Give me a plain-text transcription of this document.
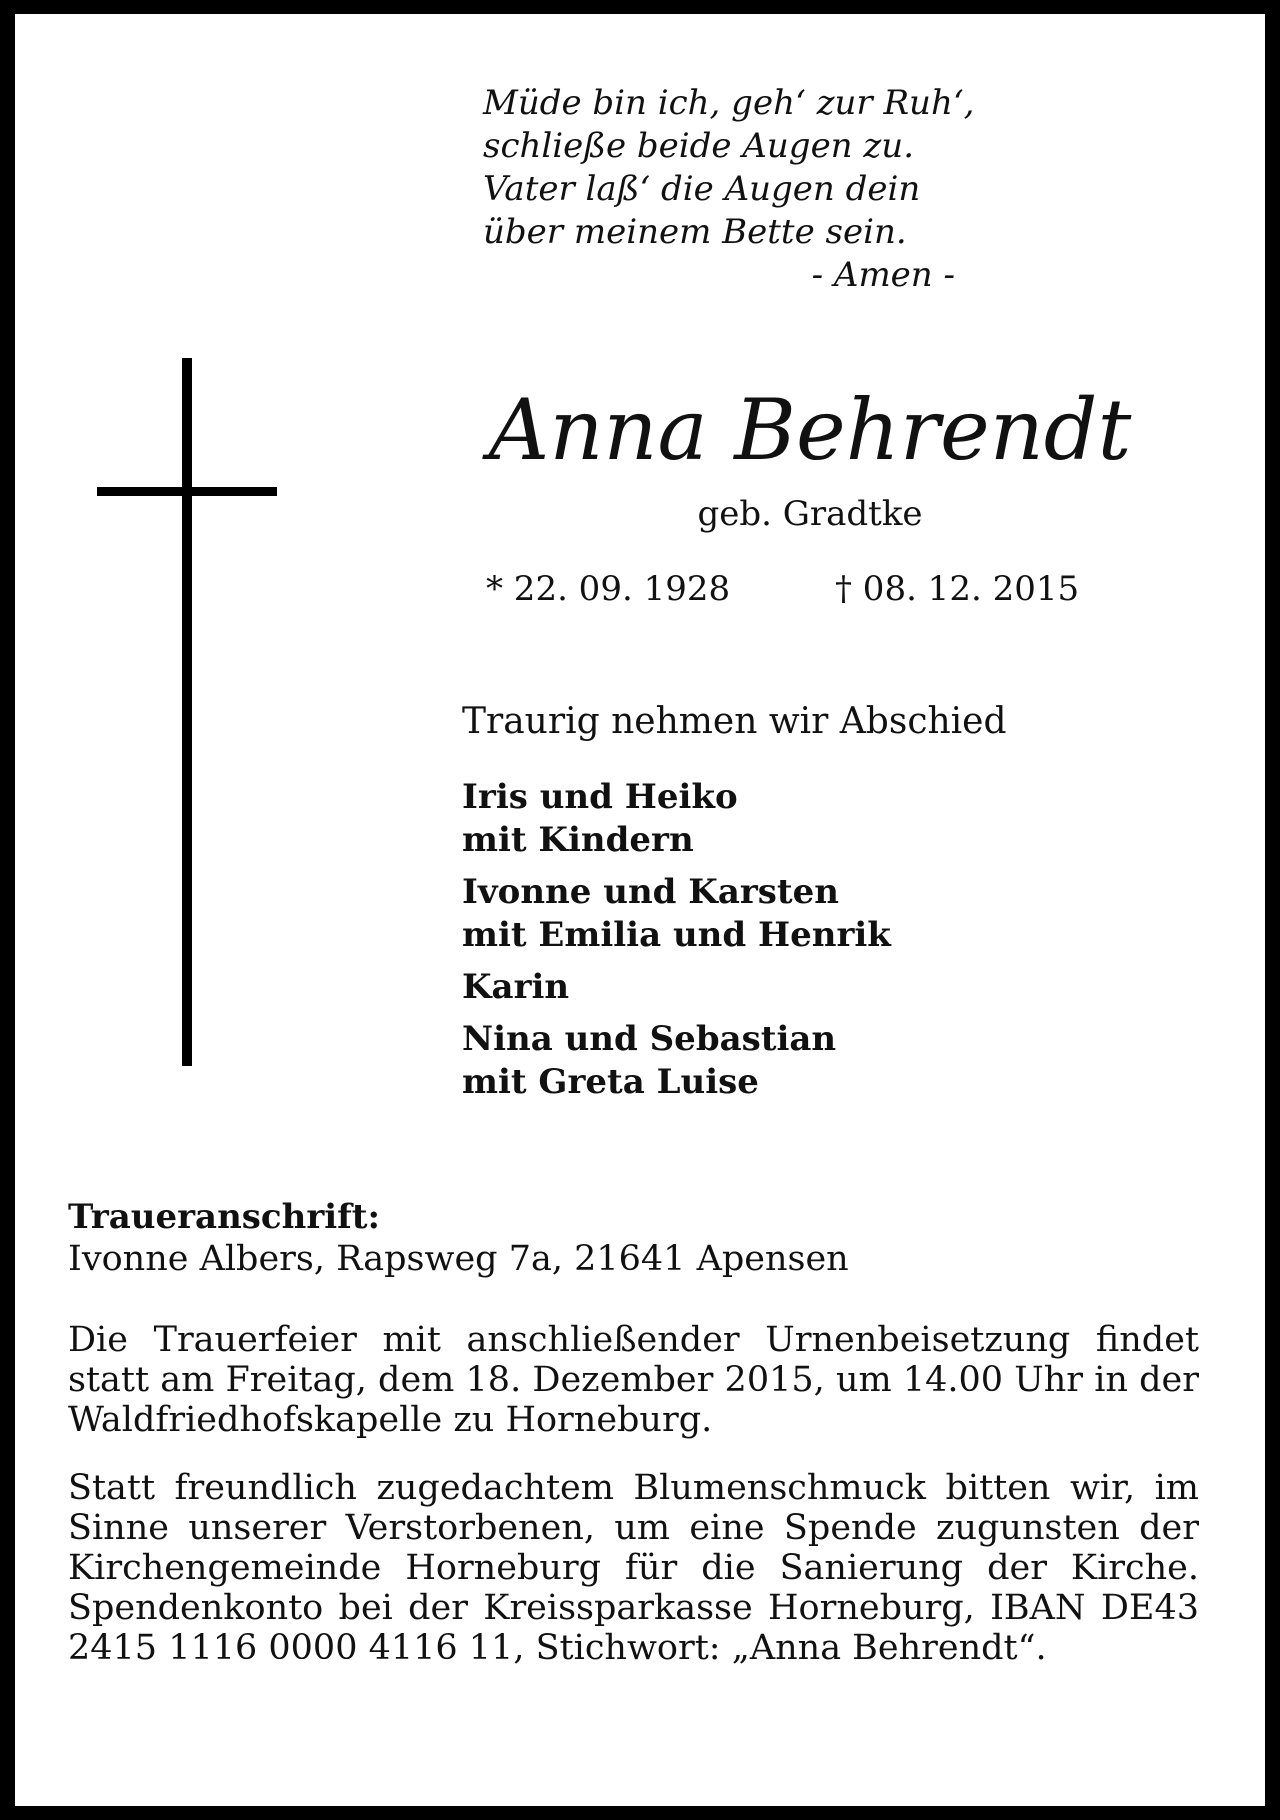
Müde bin ich, geh‘ zur Ruh‘,
schließe beide Augen zu.
Vater laß‘ die Augen dein
über meinem Bette sein.
- Amen -
Anna Behrendt
geb. Gradtke
* 22. 09. 1928	† 08. 12. 2015
Traurig nehmen wir Abschied
Iris und Heiko
mit Kindern
Ivonne und Karsten
mit Emilia und Henrik
Karin
Nina und Sebastian
mit Greta Luise
Traueranschrift:
Ivonne Albers, Rapsweg 7a, 21641 Apensen
Die Trauerfeier mit anschließender Urnenbeisetzung findet statt am Freitag, dem 18. Dezember 2015, um 14.00 Uhr in der Waldfriedhofskapelle zu Horneburg.
Statt freundlich zugedachtem Blumenschmuck bitten wir, im Sinne unserer Verstorbenen, um eine Spende zugunsten der Kirchengemeinde Horneburg für die Sanierung der Kirche. Spendenkonto bei der Kreissparkasse Horneburg, IBAN DE43 2415 1116 0000 4116 11, Stichwort: „Anna Behrendt“.
